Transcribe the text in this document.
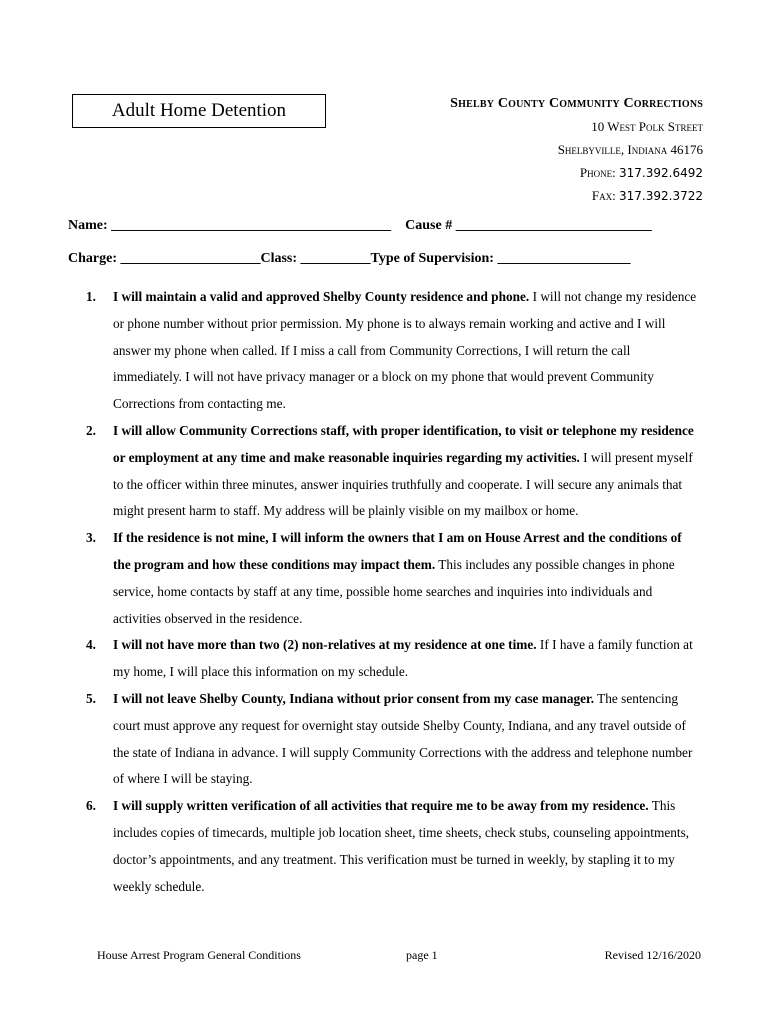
Adult Home Detention	Shelby County Community Corrections
10 West Polk Street
Shelbyville, Indiana 46176
Phone: 317.392.6492
Fax: 317.392.3722
Name: ________________________________________    Cause # ____________________________
Charge: ____________________Class: __________Type of Supervision: ___________________
1. I will maintain a valid and approved Shelby County residence and phone. I will not change my residence or phone number without prior permission. My phone is to always remain working and active and I will answer my phone when called. If I miss a call from Community Corrections, I will return the call immediately. I will not have privacy manager or a block on my phone that would prevent Community Corrections from contacting me.
2. I will allow Community Corrections staff, with proper identification, to visit or telephone my residence or employment at any time and make reasonable inquiries regarding my activities. I will present myself to the officer within three minutes, answer inquiries truthfully and cooperate. I will secure any animals that might present harm to staff. My address will be plainly visible on my mailbox or home.
3. If the residence is not mine, I will inform the owners that I am on House Arrest and the conditions of the program and how these conditions may impact them. This includes any possible changes in phone service, home contacts by staff at any time, possible home searches and inquiries into individuals and activities observed in the residence.
4. I will not have more than two (2) non-relatives at my residence at one time. If I have a family function at my home, I will place this information on my schedule.
5. I will not leave Shelby County, Indiana without prior consent from my case manager. The sentencing court must approve any request for overnight stay outside Shelby County, Indiana, and any travel outside of the state of Indiana in advance. I will supply Community Corrections with the address and telephone number of where I will be staying.
6. I will supply written verification of all activities that require me to be away from my residence. This includes copies of timecards, multiple job location sheet, time sheets, check stubs, counseling appointments, doctor’s appointments, and any treatment. This verification must be turned in weekly, by stapling it to my weekly schedule.
House Arrest Program General Conditions	page 1	Revised 12/16/2020
